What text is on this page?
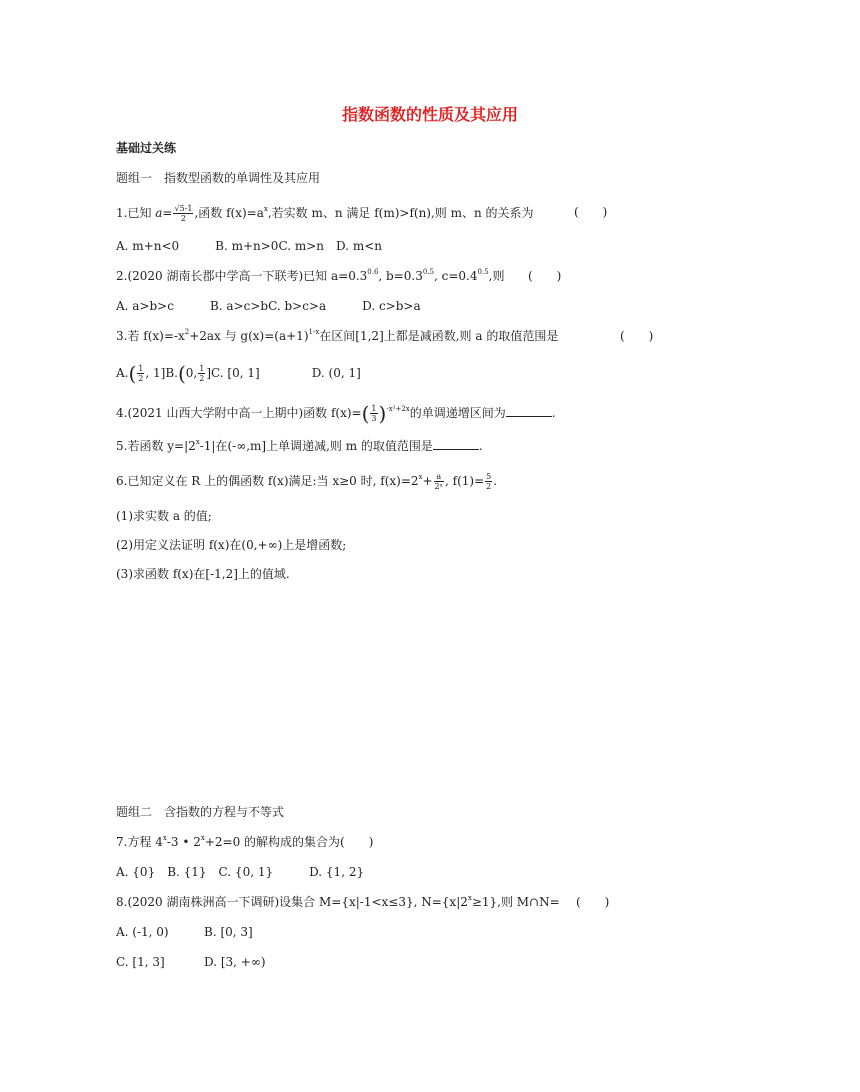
指数函数的性质及其应用
基础过关练
题组一　指数型函数的单调性及其应用
1.已知 $a= \frac{√5-1}{2}$ ,函数 $f(x)=a^x$,若实数 m、n 满足 f(m)>f(n),则 m、n 的关系为	(　　)
A. m+n<0　　　B. m+n>0C. m>n　D. m<n
2.(2020 湖南长郡中学高一下联考)已知 $a=0.3^{0.6}$, $b=0.3^{0.5}$, $c=0.4^{0.5}$,则 (　　)
A. a>b>c　　　B. a>c>bC. b>c>a　　　D. c>b>a
3.若 $f(x)=-x^2+2ax$ 与 $g(x)=(a+1)^{1-x}$在区间[1,2]上都是减函数,则 a 的取值范围是	(　　)
$A.( \frac{1}{2}$ , 1]B.(0, $\frac{1}{2} ]C$. [0, 1]	D. (0, 1]
4.(2021 山西大学附中高一上期中)函数 $f(x)=( \frac{1}{3} )^{-x^2+2x}$的单调递增区间为	.
5.若函数 $y=|2^x-1|$在(-∞,m]上单调递减,则 m 的取值范围是	.
6.已知定义在 R 上的偶函数 f(x)满足:当 x≥0 时, $f(x)=2^x+ \frac{a}{\text{2ˣ}}$ , $f(1)= \frac{5}{2}$ .
(1)求实数 a 的值;
(2)用定义法证明 f(x)在(0,+∞)上是增函数;
(3)求函数 f(x)在[-1,2]上的值域.
题组二　含指数的方程与不等式
7.方程 4$^x$-3 • $2^x+2=0$ 的解构成的集合为(　　)
A. {0}　B. {1}　C. {0, 1}　　　D. {1, 2}
8.(2020 湖南株洲高一下调研)设集合 M={x|-1<x≤3}, $N=\{x|2^x\ge 1\}$,则 M∩N= (　　)
A. (-1, 0)	B. [0, 3]
C. [1, 3]	D. [3, +∞)
